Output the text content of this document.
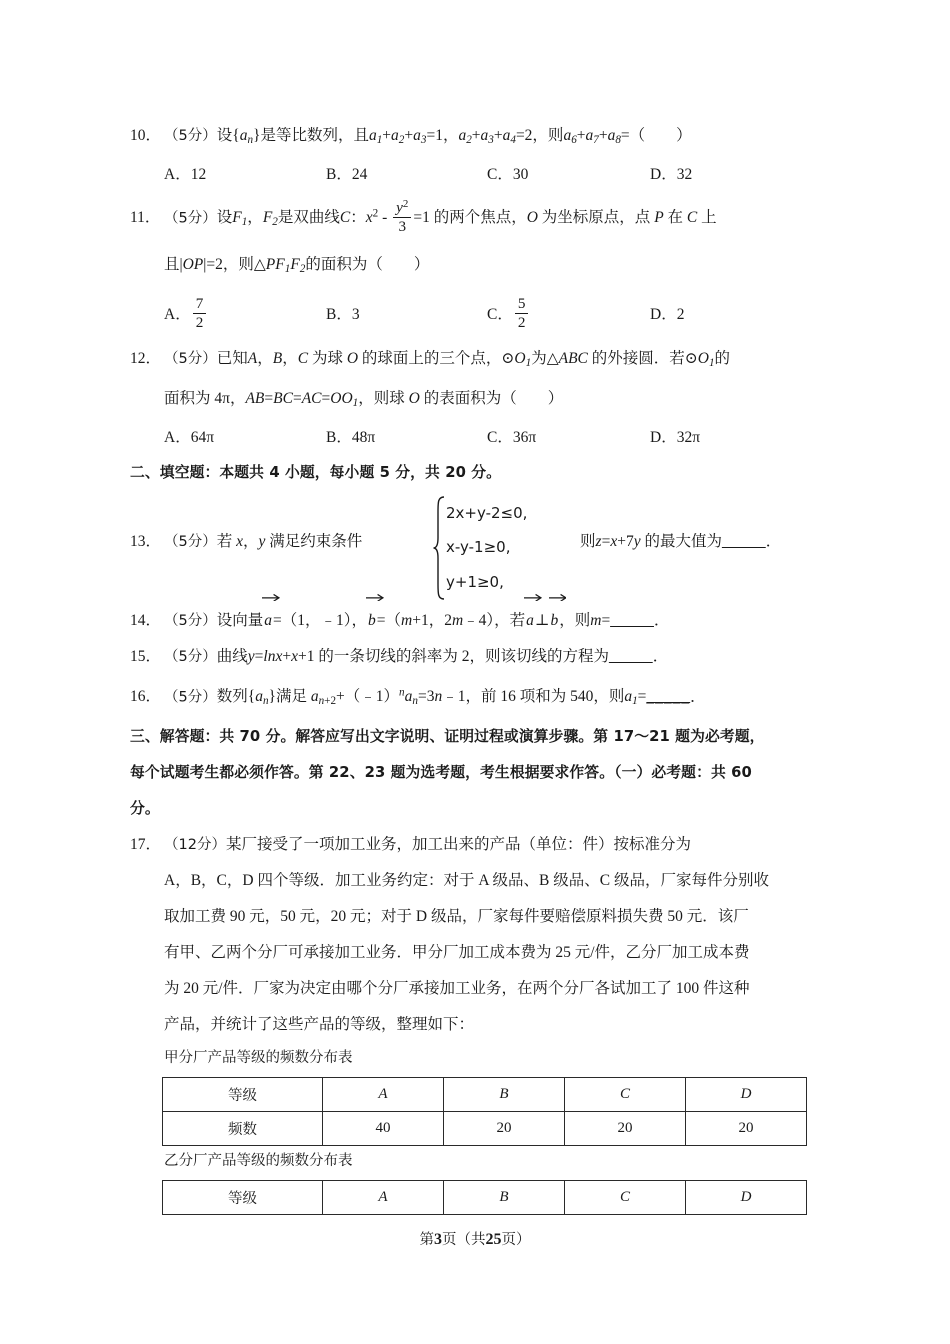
10． （5分）设$\{a_n\}$是等比数列，且$a_1+a_2+a_3=1$，$a_2+a_3+a_4=2$，则$a_6+a_7+a_8=$（　　）
A．12	B．24	C．30	D．32
11． （5分）设$F_1$，$F_2$是双曲线C：$x^2 - \frac{y^2}{3} =1$ 的两个焦点，O 为坐标原点，点 P 在 C 上
且|OP|=2，则$\triangle PF_1F_2$的面积为（　　）
A． $\frac{7}{2}$	B．3	C． $\frac{5}{2}$	D．2
12． （5分）已知A，B，C 为球 O 的球面上的三个点，$⊙O_1$为△ABC 的外接圆．若$⊙O_1$的
面积为 4π，$AB=BC=AC=OO_1$，则球 O 的表面积为（　　）
A．64π	B．48π	C．36π	D．32π
二、填空题：本题共 4 小题，每小题 5 分，共 20 分。
13． （5分）若 x，y 满足约束条件
2x+y-2≤0,
x-y-1≥0,
y+1≥0,
则z=x+7y 的最大值为_____．
14． （5分）设向量a
=（1，﹣1），b
=（m+1，2m﹣4），若a
⊥b
，则m=_____．
15． （5分）曲线y=lnx+x+1 的一条切线的斜率为 2，则该切线的方程为_____．
16． （5分）数列$\{a_n\}$满足 $a_{n+2}+(﹣1)^na_n=3n﹣1$，前 16 项和为 540，则$a_1=\_\_\_\_\_$．
三、解答题：共 70 分。解答应写出文字说明、证明过程或演算步骤。第 17～21 题为必考题，
每个试题考生都必须作答。第 22、23 题为选考题，考生根据要求作答。（一）必考题：共 60
分。
17． （12分）某厂接受了一项加工业务，加工出来的产品（单位：件）按标准分为
A，B，C，D 四个等级．加工业务约定：对于 A 级品、B 级品、C 级品，厂家每件分别收
取加工费 90 元，50 元，20 元；对于 D 级品，厂家每件要赔偿原料损失费 50 元．该厂
有甲、乙两个分厂可承接加工业务．甲分厂加工成本费为 25 元/件，乙分厂加工成本费
为 20 元/件．厂家为决定由哪个分厂承接加工业务，在两个分厂各试加工了 100 件这种
产品，并统计了这些产品的等级，整理如下：
甲分厂产品等级的频数分布表
等级	A	B	C	D
频数	40	20	20	20
乙分厂产品等级的频数分布表
等级	A	B	C	D
第3页（共25页）
